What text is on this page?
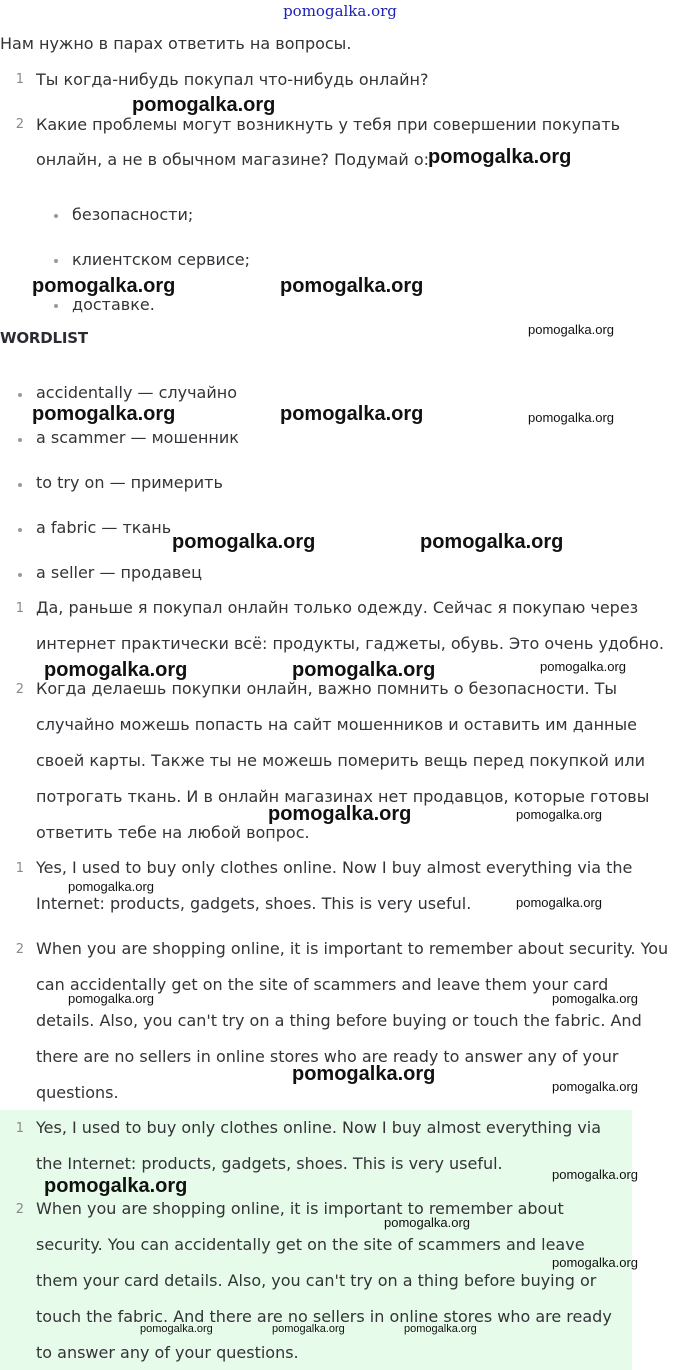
pomogalka.org
Нам нужно в парах ответить на вопросы.
1 Ты когда-нибудь покупал что-нибудь онлайн?
2 Какие проблемы могут возникнуть у тебя при совершении покупать
онлайн, а не в обычном магазине? Подумай о:
безопасности;
клиентском сервисе;
доставке.
WORDLIST
accidentally — случайно
a scammer — мошенник
to try on — примерить
a fabric — ткань
a seller — продавец
1 Да, раньше я покупал онлайн только одежду. Сейчас я покупаю через
интернет практически всё: продукты, гаджеты, обувь. Это очень удобно.
2 Когда делаешь покупки онлайн, важно помнить о безопасности. Ты
случайно можешь попасть на сайт мошенников и оставить им данные
своей карты. Также ты не можешь померить вещь перед покупкой или
потрогать ткань. И в онлайн магазинах нет продавцов, которые готовы
ответить тебе на любой вопрос.
1 Yes, I used to buy only clothes online. Now I buy almost everything via the
Internet: products, gadgets, shoes. This is very useful.
2 When you are shopping online, it is important to remember about security. You
can accidentally get on the site of scammers and leave them your card
details. Also, you can't try on a thing before buying or touch the fabric. And
there are no sellers in online stores who are ready to answer any of your
questions.
1 Yes, I used to buy only clothes online. Now I buy almost everything via
the Internet: products, gadgets, shoes. This is very useful.
2 When you are shopping online, it is important to remember about
security. You can accidentally get on the site of scammers and leave
them your card details. Also, you can't try on a thing before buying or
touch the fabric. And there are no sellers in online stores who are ready
to answer any of your questions.
pomogalka.org
pomogalka.org
pomogalka.org	pomogalka.org
pomogalka.org
pomogalka.org	pomogalka.org	pomogalka.org
pomogalka.org	pomogalka.org
pomogalka.org	pomogalka.org	pomogalka.org
pomogalka.org	pomogalka.org
pomogalka.org
pomogalka.org
pomogalka.org	pomogalka.org
pomogalka.org
pomogalka.org
pomogalka.org
pomogalka.org
pomogalka.org
pomogalka.org
pomogalka.org	pomogalka.org	pomogalka.org
